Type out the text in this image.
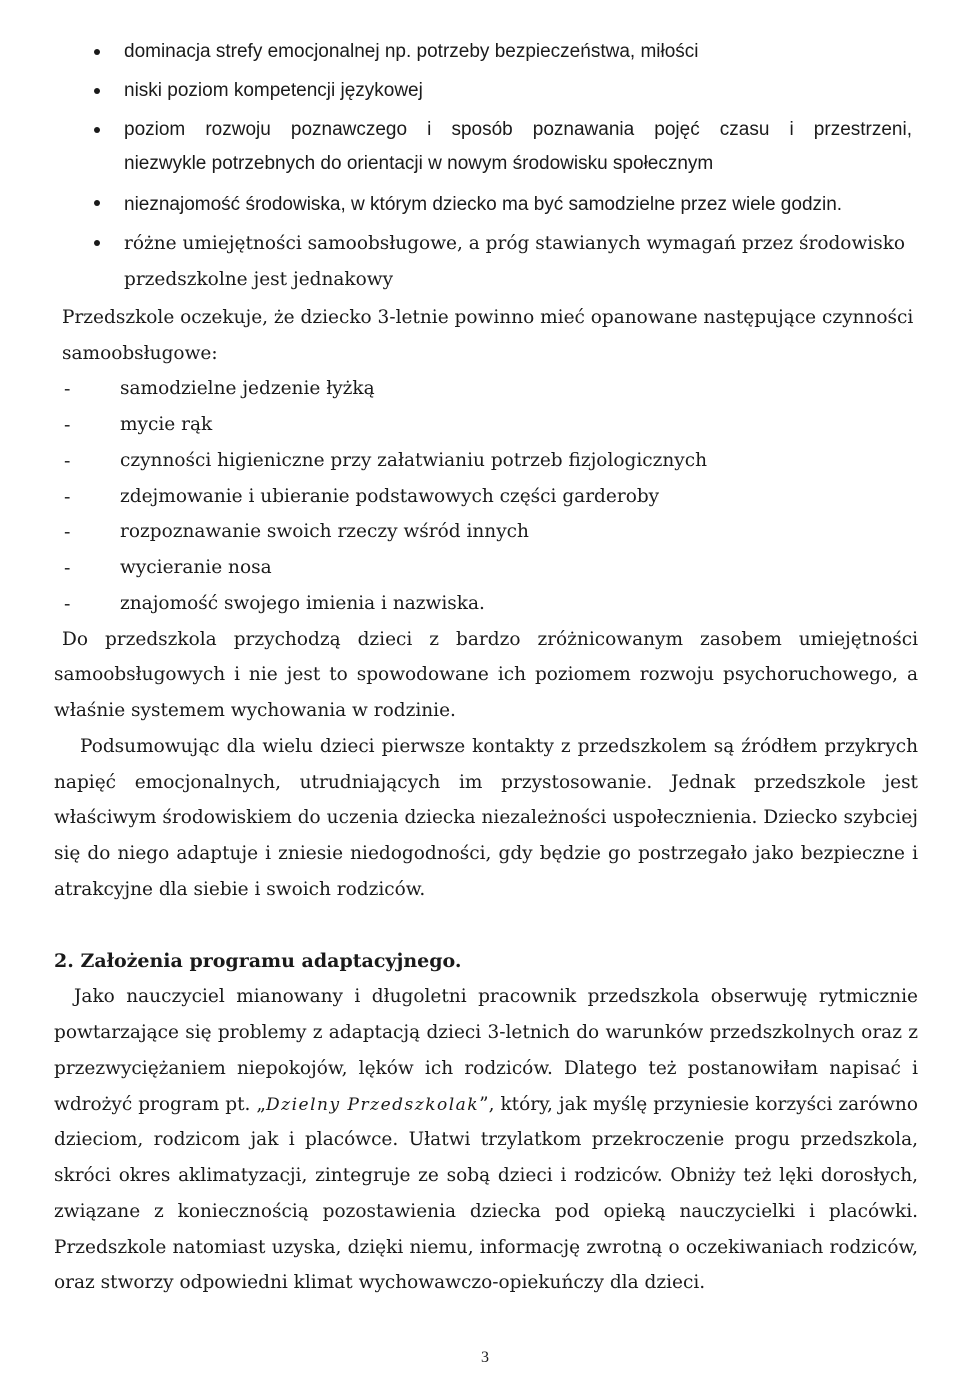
dominacja strefy emocjonalnej np. potrzeby bezpieczeństwa, miłości
niski poziom kompetencji językowej
poziom rozwoju poznawczego i sposób poznawania pojęć czasu i przestrzeni,
niezwykle potrzebnych do orientacji w nowym środowisku społecznym
nieznajomość środowiska, w którym dziecko ma być samodzielne przez wiele godzin.
różne umiejętności samoobsługowe, a próg stawianych wymagań przez środowisko
przedszkolne jest jednakowy
Przedszkole oczekuje, że dziecko 3-letnie powinno mieć opanowane następujące czynności
samoobsługowe:
-	samodzielne jedzenie łyżką
-	mycie rąk
-	czynności higieniczne przy załatwianiu potrzeb fizjologicznych
-	zdejmowanie i ubieranie podstawowych części garderoby
-	rozpoznawanie swoich rzeczy wśród innych
-	wycieranie nosa
-	znajomość swojego imienia i nazwiska.
Do przedszkola przychodzą dzieci z bardzo zróżnicowanym zasobem umiejętności
samoobsługowych i nie jest to spowodowane ich poziomem rozwoju psychoruchowego, a
właśnie systemem wychowania w rodzinie.
Podsumowując dla wielu dzieci pierwsze kontakty z przedszkolem są źródłem przykrych
napięć emocjonalnych, utrudniających im przystosowanie. Jednak przedszkole jest
właściwym środowiskiem do uczenia dziecka niezależności uspołecznienia. Dziecko szybciej
się do niego adaptuje i zniesie niedogodności, gdy będzie go postrzegało jako bezpieczne i
atrakcyjne dla siebie i swoich rodziców.
2. Założenia programu adaptacyjnego.
Jako nauczyciel mianowany i długoletni pracownik przedszkola obserwuję rytmicznie
powtarzające się problemy z adaptacją dzieci 3-letnich do warunków przedszkolnych oraz z
przezwyciężaniem niepokojów, lęków ich rodziców. Dlatego też postanowiłam napisać i
wdrożyć program pt. „Dzielny Przedszkolak”, który, jak myślę przyniesie korzyści zarówno
dzieciom, rodzicom jak i placówce. Ułatwi trzylatkom przekroczenie progu przedszkola,
skróci okres aklimatyzacji, zintegruje ze sobą dzieci i rodziców. Obniży też lęki dorosłych,
związane z koniecznością pozostawienia dziecka pod opieką nauczycielki i placówki.
Przedszkole natomiast uzyska, dzięki niemu, informację zwrotną o oczekiwaniach rodziców,
oraz stworzy odpowiedni klimat wychowawczo-opiekuńczy dla dzieci.
3
